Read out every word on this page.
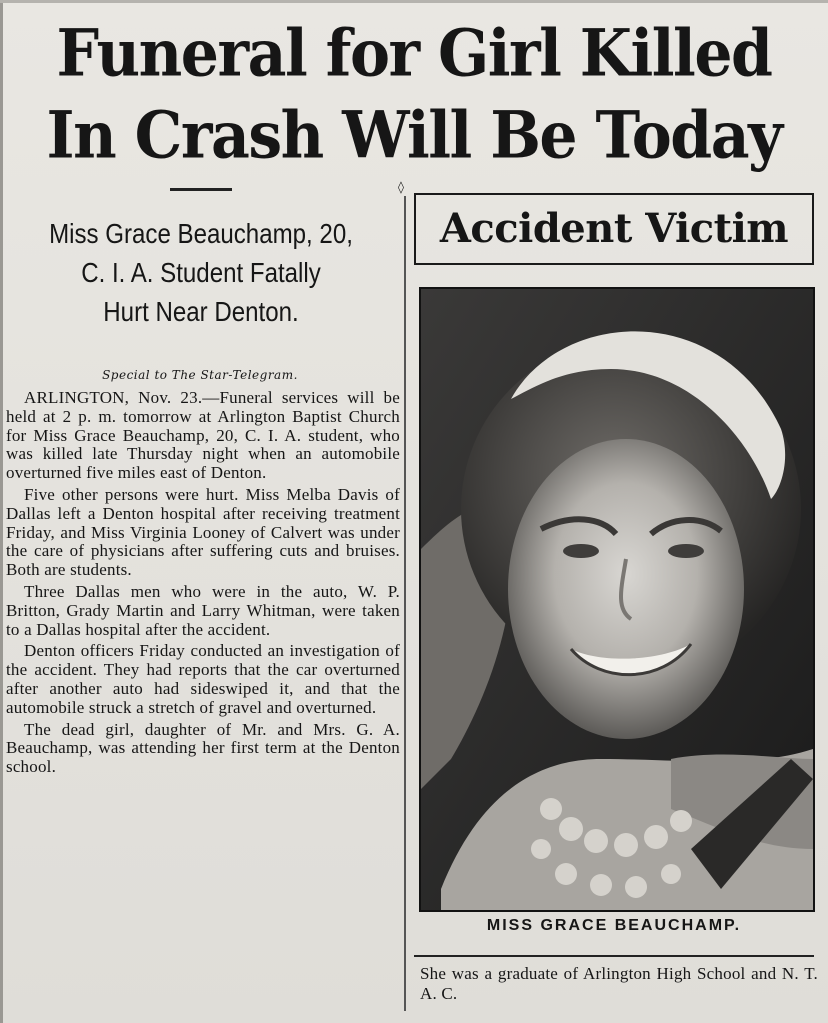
Funeral for Girl Killed
In Crash Will Be Today
◊
Miss Grace Beauchamp, 20,
C. I. A. Student Fatally
Hurt Near Denton.
Special to The Star-Telegram.

ARLINGTON, Nov. 23.—Funeral services will be held at 2 p. m. tomorrow at Arlington Baptist Church for Miss Grace Beauchamp, 20, C. I. A. student, who was killed late Thursday night when an automobile overturned five miles east of Denton.

Five other persons were hurt. Miss Melba Davis of Dallas left a Denton hospital after receiving treatment Friday, and Miss Virginia Looney of Calvert was under the care of physicians after suffering cuts and bruises. Both are students.

Three Dallas men who were in the auto, W. P. Britton, Grady Martin and Larry Whitman, were taken to a Dallas hospital after the accident.

Denton officers Friday conducted an investigation of the accident. They had reports that the car overturned after another auto had sideswiped it, and that the automobile struck a stretch of gravel and overturned.

The dead girl, daughter of Mr. and Mrs. G. A. Beauchamp, was attending her first term at the Denton school.

Accident Victim
MISS GRACE BEAUCHAMP.

She was a graduate of Arlington High School and N. T. A. C.
